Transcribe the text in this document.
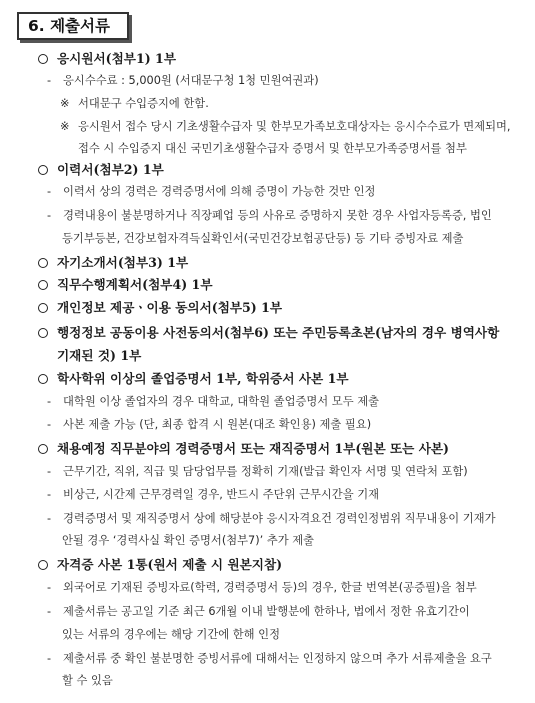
6. 제출서류
응시원서(첨부1) 1부
- 응시수수료 : 5,000원 (서대문구청 1청 민원여권과)
※ 서대문구 수입증지에 한함.
※ 응시원서 접수 당시 기초생활수급자 및 한부모가족보호대상자는 응시수수료가 면제되며,
접수 시 수입증지 대신 국민기초생활수급자 증명서 및 한부모가족증명서를 첨부
이력서(첨부2) 1부
- 이력서 상의 경력은 경력증명서에 의해 증명이 가능한 것만 인정
- 경력내용이 불분명하거나 직장폐업 등의 사유로 증명하지 못한 경우 사업자등록증, 법인
등기부등본, 건강보험자격득실확인서(국민건강보험공단등) 등 기타 증빙자료 제출
자기소개서(첨부3) 1부
직무수행계획서(첨부4) 1부
개인정보 제공ㆍ이용 동의서(첨부5) 1부
행정정보 공동이용 사전동의서(첨부6) 또는 주민등록초본(남자의 경우 병역사항
기재된 것) 1부
학사학위 이상의 졸업증명서 1부, 학위증서 사본 1부
- 대학원 이상 졸업자의 경우 대학교, 대학원 졸업증명서 모두 제출
- 사본 제출 가능 (단, 최종 합격 시 원본(대조 확인용) 제출 필요)
채용예정 직무분야의 경력증명서 또는 재직증명서 1부(원본 또는 사본)
- 근무기간, 직위, 직급 및 담당업무를 정확히 기재(발급 확인자 서명 및 연락처 포함)
- 비상근, 시간제 근무경력일 경우, 반드시 주단위 근무시간을 기재
- 경력증명서 및 재직증명서 상에 해당분야 응시자격요건 경력인정범위 직무내용이 기재가
안될 경우 ‘경력사실 확인 증명서(첨부7)’ 추가 제출
자격증 사본 1통(원서 제출 시 원본지참)
- 외국어로 기재된 증빙자료(학력, 경력증명서 등)의 경우, 한글 번역본(공증필)을 첨부
- 제출서류는 공고일 기준 최근 6개월 이내 발행분에 한하나, 법에서 정한 유효기간이
있는 서류의 경우에는 해당 기간에 한해 인정
- 제출서류 중 확인 불분명한 증빙서류에 대해서는 인정하지 않으며 추가 서류제출을 요구
할 수 있음
